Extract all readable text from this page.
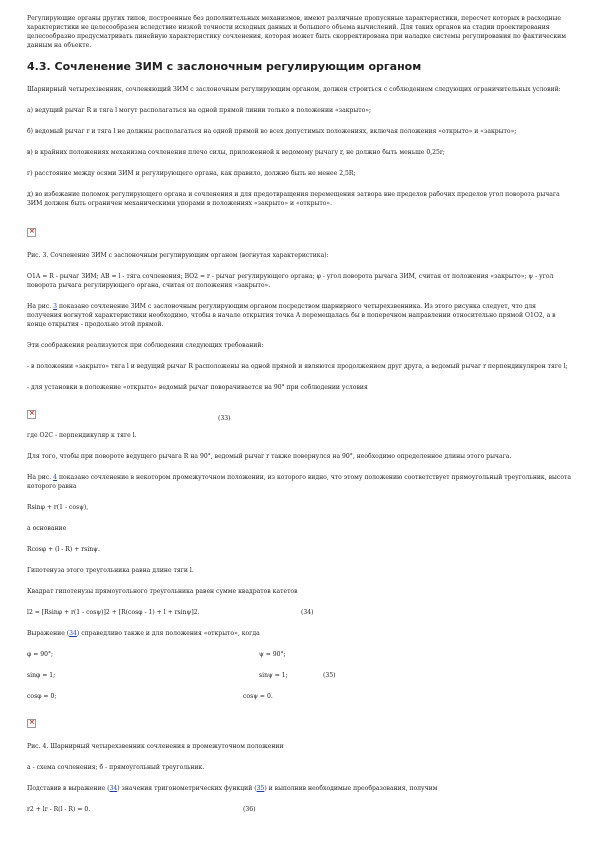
Регулирующие органы других типов, построенные без дополнительных механизмов, имеют различные пропускные характеристики, пересчет которых в расходные характеристики не целесообразен вследствие низкой точности исходных данных и большого объема вычислений. Для таких органов на стадии проектирования целесообразно предусматривать линейную характеристику сочленения, которая может быть скорректирована при наладке системы регулирования по фактическим данным на объекте.

4.3. Сочленение ЗИМ с заслоночным регулирующим органом

Шарнирный четырехзвенник, сочленяющий ЗИМ с заслоночным регулирующим органом, должен строиться с соблюдением следующих ограничительных условий:

а) ведущий рычаг R и тяга l могут располагаться на одной прямой линии только в положении «закрыто»;

б) ведомый рычаг r и тяга l не должны располагаться на одной прямой во всех допустимых положениях, включая положения «открыто» и «закрыто»;

в) в крайних положениях механизма сочленения плечо силы, приложенной к ведомому рычагу r, не должно быть меньше 0,25r;

г) расстояние между осями ЗИМ и регулирующего органа, как правило, должно быть не менее 2,5R;

д) во избежание поломок регулирующего органа и сочленения и для предотвращения перемещения затвора вне пределов рабочих пределов угол поворота рычага ЗИМ должен быть ограничен механическими упорами в положениях «закрыто» и «открыто».

×

Рис. 3. Сочленение ЗИМ с заслоночным регулирующим органом (вогнутая характеристика):

O1A = R - рычаг ЗИМ; AB = l - тяга сочленения; BO2 = r - рычаг регулирующего органа; φ - угол поворота рычага ЗИМ, считая от положения «закрыто»; ψ - угол поворота рычага регулирующего органа, считая от положения «закрыто».

На рис. 3 показано сочленение ЗИМ с заслоночным регулирующим органом посредством шарнирного четырехзвенника. Из этого рисунка следует, что для получения вогнутой характеристики необходимо, чтобы в начале открытия точка A перемещалась бы в поперечном направлении относительно прямой O1O2, а в конце открытия - продольно этой прямой.

Эти соображения реализуются при соблюдении следующих требований:

- в положении «закрыто» тяга l и ведущий рычаг R расположены на одной прямой и являются продолжением друг друга, а ведомый рычаг r перпендикулярен тяге l;

- для установки в положение «открыто» ведомый рычаг поворачивается на 90° при соблюдении условия

×
(33)

где O2C - перпендикуляр к тяге l.

Для того, чтобы при повороте ведущего рычага R на 90°, ведомый рычаг r также повернулся на 90°, необходимо определенное длины этого рычага.

На рис. 4 показано сочленение в некотором промежуточном положении, из которого видно, что этому положению соответствует прямоугольный треугольник, высота которого равна

Rsinφ + r(1 - cosψ),

а основание

Rcosφ + (l - R) + rsinψ.

Гипотенуза этого треугольника равна длине тяги l.

Квадрат гипотенузы прямоугольного треугольника равен сумме квадратов катетов

l2 = [Rsinφ + r(1 - cosψ)]2 + [R(cosφ - 1) + l + rsinψ]2.	(34)

Выражение (34) справедливо также и для положения «открыто», когда

φ = 90°;	ψ = 90°;
sinφ = 1;	sinψ = 1;	(35)
cosφ = 0;	cosψ = 0.
×

Рис. 4. Шарнирный четырехзвенник сочленения в промежуточном положении

а - схема сочленения; б - прямоугольный треугольник.

Подставив в выражение (34) значения тригонометрических функций (35) и выполнив необходимые преобразования, получим

r2 + lr - R(l - R) = 0.	(36)
